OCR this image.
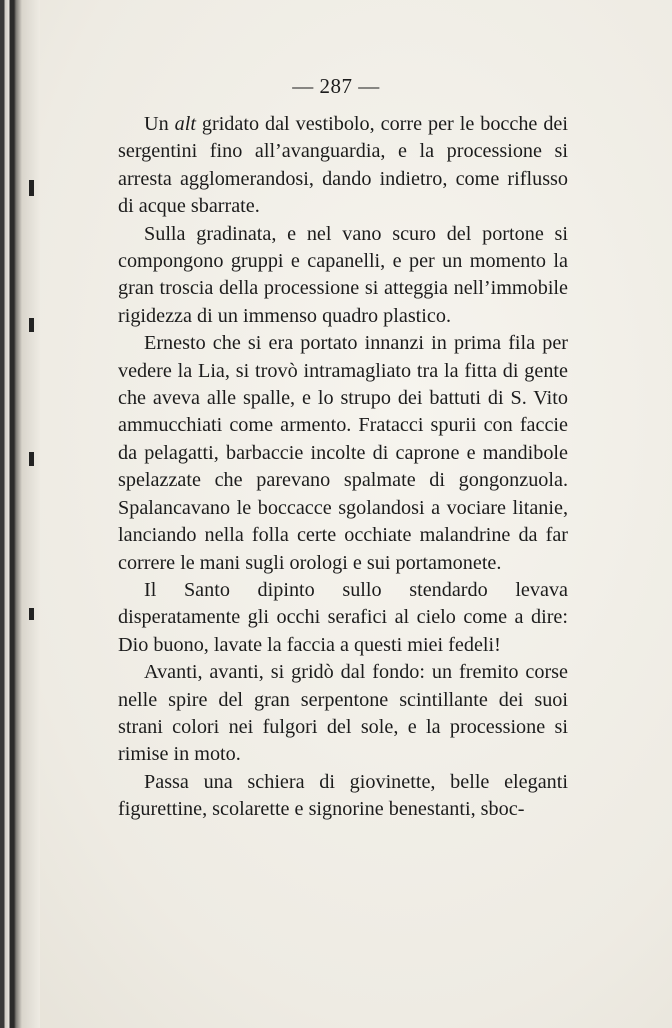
— 287 —

Un alt gridato dal vestibolo, corre per le bocche dei sergentini fino all’avanguardia, e la processione si arresta agglomerandosi, dando indietro, come riflusso di acque sbarrate.

Sulla gradinata, e nel vano scuro del portone si compongono gruppi e capanelli, e per un momento la gran troscia della processione si atteggia nell’immobile rigidezza di un immenso quadro plastico.

Ernesto che si era portato innanzi in prima fila per vedere la Lia, si trovò intramagliato tra la fitta di gente che aveva alle spalle, e lo strupo dei battuti di S. Vito ammucchiati come armento. Fratacci spurii con faccie da pelagatti, barbaccie incolte di caprone e mandibole spelazzate che parevano spalmate di gongonzuola. Spalancavano le boccacce sgolandosi a vociare litanie, lanciando nella folla certe occhiate malandrine da far correre le mani sugli orologi e sui portamonete.

Il Santo dipinto sullo stendardo levava disperatamente gli occhi serafici al cielo come a dire: Dio buono, lavate la faccia a questi miei fedeli!

Avanti, avanti, si gridò dal fondo: un fremito corse nelle spire del gran serpentone scintillante dei suoi strani colori nei fulgori del sole, e la processione si rimise in moto.

Passa una schiera di giovinette, belle eleganti figurettine, scolarette e signorine benestanti, sboc-
